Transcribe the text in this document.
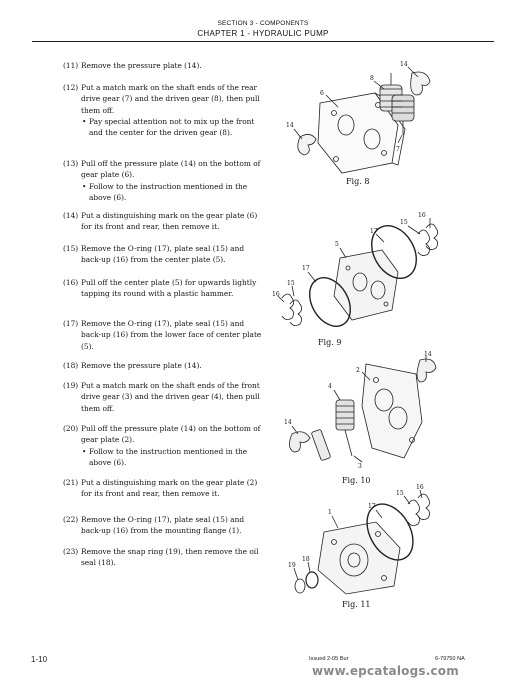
SECTION 3 - COMPONENTS
CHAPTER 1 - HYDRAULIC PUMP
(11) Remove the pressure plate (14).
(12) Put a match mark on the shaft ends of the rear drive gear (7) and the driven gear (8), then pull them off.
• Pay special attention not to mix up the front and the center for the driven gear (8).
(13) Pull off the pressure plate (14) on the bottom of gear plate (6).
• Follow to the instruction mentioned in the above (6).
(14) Put a distinguishing mark on the gear plate (6) for its front and rear, then remove it.
(15) Remove the O-ring (17), plate seal (15) and back-up (16) from the center plate (5).
(16) Pull off the center plate (5) for upwards lightly tapping its round with a plastic hammer.
(17) Remove the O-ring (17), plate seal (15) and back-up (16) from the lower face of center plate (5).
(18) Remove the pressure plate (14).
(19) Put a match mark on the shaft ends of the front drive gear (3) and the driven gear (4), then pull them off.
(20) Pull off the pressure plate (14) on the bottom of gear plate (2).
• Follow to the instruction mentioned in the above (6).
(21) Put a distinguishing mark on the gear plate (2) for its front and rear, then remove it.
(22) Remove the O-ring (17), plate seal (15) and back-up (16) from the mounting flange (1).
(23) Remove the snap ring (19), then remove the oil seal (18).
14
8
6
14
7
Fig. 8
16
15
17
5
17
15
16
Fig. 9
14
2
4
14
3
Fig. 10
16
15
17
1
18
19
Fig. 11
1-10	Issued 2-05 Bur	6-79750 NA
www.epcatalogs.com
